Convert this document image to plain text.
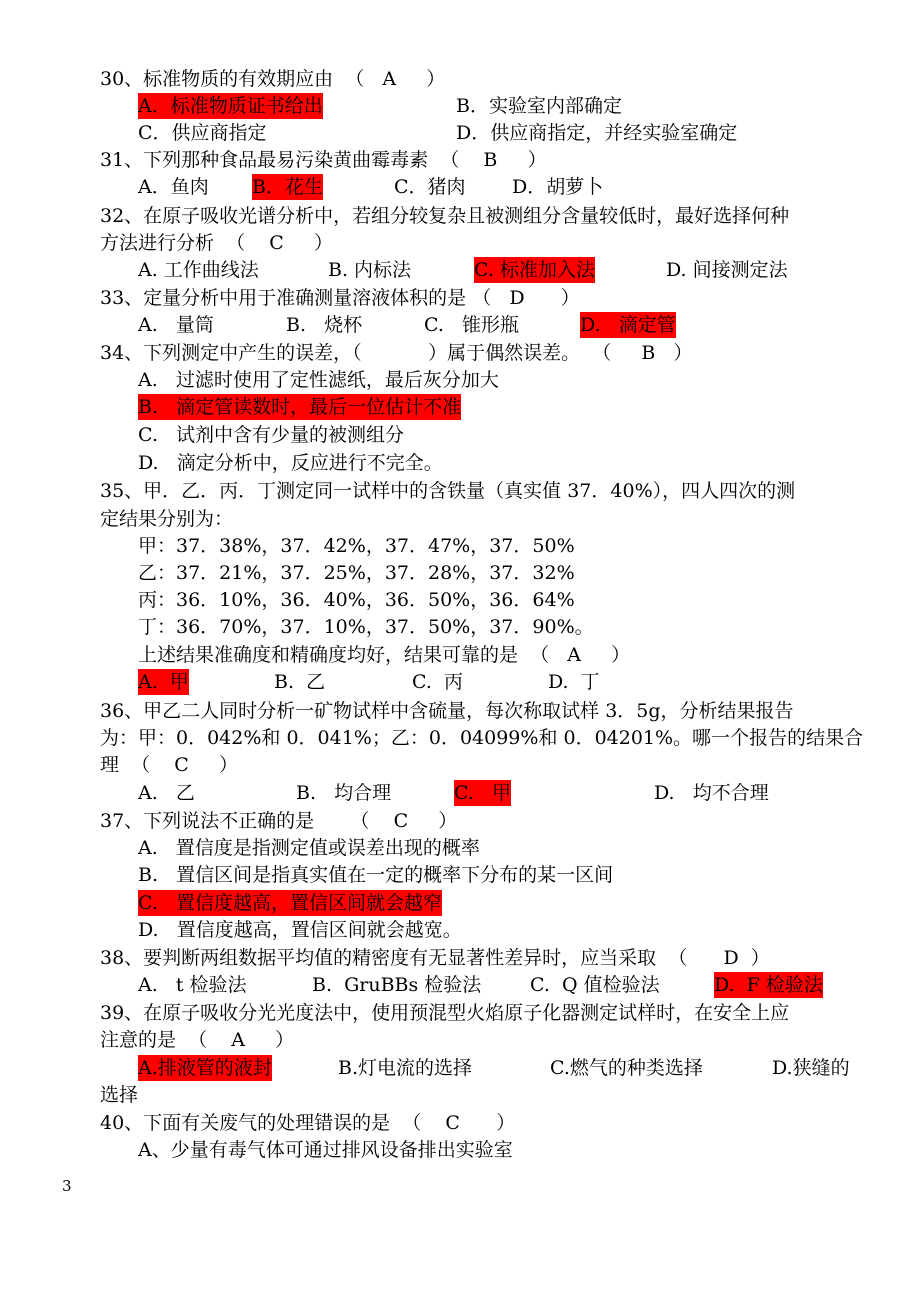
30、标准物质的有效期应由  （   A     ）
A．标准物质证书给出	B．实验室内部确定
C．供应商指定	D．供应商指定，并经实验室确定
31、下列那种食品最易污染黄曲霉毒素  （    B     ）
A．鱼肉 B．花生	C．猪肉 D．胡萝卜
32、在原子吸收光谱分析中，若组分较复杂且被测组分含量较低时，最好选择何种
方法进行分析  （    C     ）
A. 工作曲线法	B. 内标法	C. 标准加入法	D. 间接测定法
33、定量分析中用于准确测量溶液体积的是 （   D      ）
A.   量筒	B.   烧杯	C.   锥形瓶	D.   滴定管
34、下列测定中产生的误差，（           ）属于偶然误差。  （     B   ）
A.   过滤时使用了定性滤纸，最后灰分加大
B.   滴定管读数时，最后一位估计不准
C.   试剂中含有少量的被测组分
D.   滴定分析中，反应进行不完全。
35、甲．乙．丙．丁测定同一试样中的含铁量（真实值 37．40%），四人四次的测
定结果分别为：
甲：37．38%，37．42%，37．47%，37．50%
乙：37．21%，37．25%，37．28%，37．32%
丙：36．10%，36．40%，36．50%，36．64%
丁：36．70%，37．10%，37．50%，37．90%。
上述结果准确度和精确度均好，结果可靠的是  （   A     ）
A.  甲	B.  乙	C.  丙	D.  丁
36、甲乙二人同时分析一矿物试样中含硫量，每次称取试样 3．5g，分析结果报告
为：甲：0．042%和 0．041%；乙：0．04099%和 0．04201%。哪一个报告的结果合
理  （    C     ）
A.   乙	B.   均合理	C.   甲	D.   均不合理
37、下列说法不正确的是      （    C     ）
A.   置信度是指测定值或误差出现的概率
B.   置信区间是指真实值在一定的概率下分布的某一区间
C.   置信度越高，置信区间就会越窄
D.   置信度越高，置信区间就会越宽。
38、要判断两组数据平均值的精密度有无显著性差异时，应当采取  （      D  ）
A.   t 检验法	B.  GruBBs 检验法	C.  Q 值检验法	D.  F 检验法
39、在原子吸收分光光度法中，使用预混型火焰原子化器测定试样时，在安全上应
注意的是  （    A     ）
A.排液管的液封	B.灯电流的选择	C.燃气的种类选择	D.狭缝的
选择
40、下面有关废气的处理错误的是  （    C      ）
A、少量有毒气体可通过排风设备排出实验室
3
